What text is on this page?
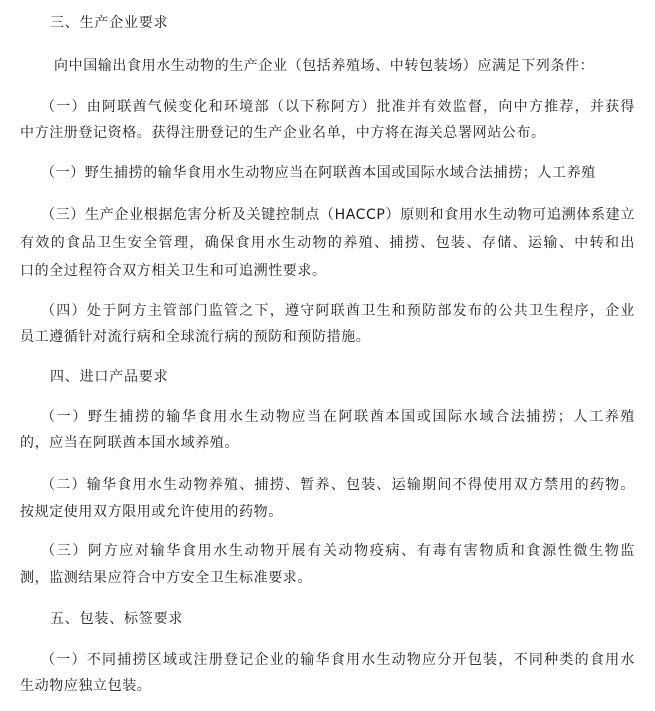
三、生产企业要求
向中国输出食用水生动物的生产企业（包括养殖场、中转包装场）应满足下列条件：
（一）由阿联酋气候变化和环境部（以下称阿方）批准并有效监督，向中方推荐，并获得
中方注册登记资格。获得注册登记的生产企业名单，中方将在海关总署网站公布。
（一）野生捕捞的输华食用水生动物应当在阿联酋本国或国际水域合法捕捞；人工养殖
（三）生产企业根据危害分析及关键控制点（HACCP）原则和食用水生动物可追溯体系建立
有效的食品卫生安全管理，确保食用水生动物的养殖、捕捞、包装、存储、运输、中转和出
口的全过程符合双方相关卫生和可追溯性要求。
（四）处于阿方主管部门监管之下，遵守阿联酋卫生和预防部发布的公共卫生程序，企业
员工遵循针对流行病和全球流行病的预防和预防措施。
四、进口产品要求
（一）野生捕捞的输华食用水生动物应当在阿联酋本国或国际水域合法捕捞；人工养殖
的，应当在阿联酋本国水域养殖。
（二）输华食用水生动物养殖、捕捞、暂养、包装、运输期间不得使用双方禁用的药物。
按规定使用双方限用或允许使用的药物。
（三）阿方应对输华食用水生动物开展有关动物疫病、有毒有害物质和食源性微生物监
测，监测结果应符合中方安全卫生标准要求。
五、包装、标签要求
（一）不同捕捞区域或注册登记企业的输华食用水生动物应分开包装，不同种类的食用水
生动物应独立包装。
